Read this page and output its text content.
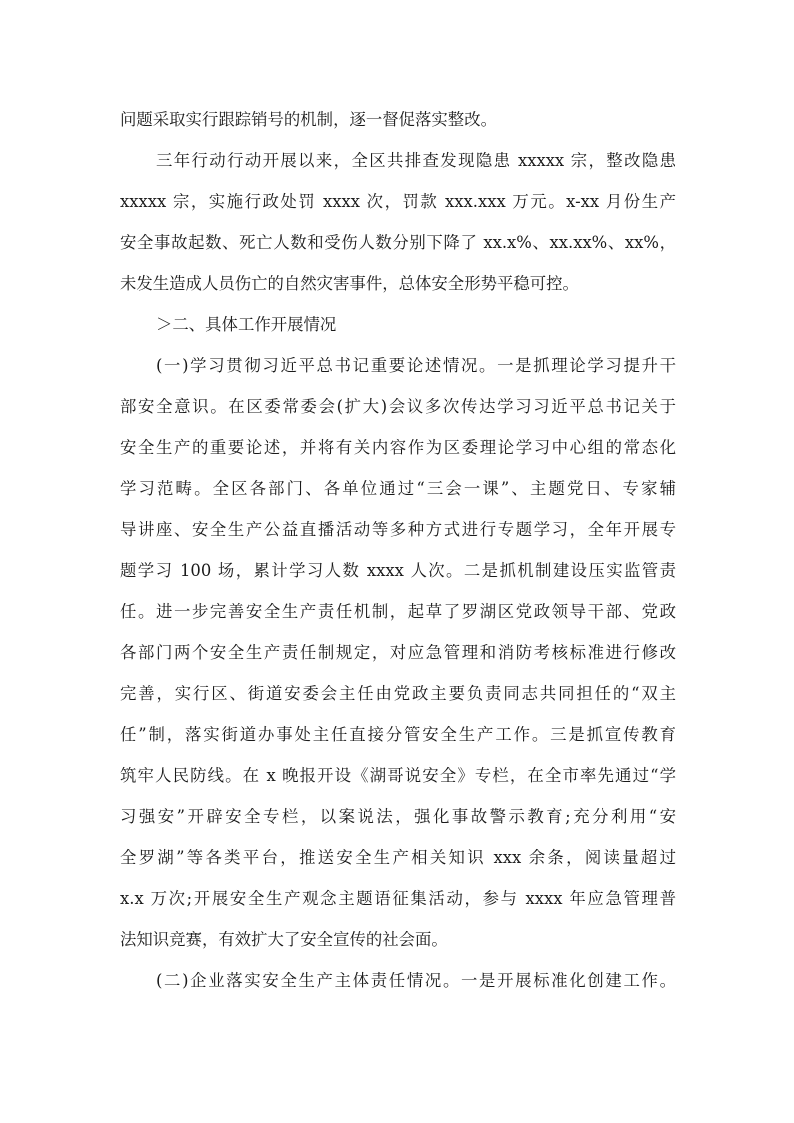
问题采取实行跟踪销号的机制，逐一督促落实整改。
三年行动行动开展以来，全区共排查发现隐患 xxxxx 宗，整改隐患
xxxxx 宗，实施行政处罚 xxxx 次，罚款 xxx.xxx 万元。x-xx 月份生产
安全事故起数、死亡人数和受伤人数分别下降了 xx.x%、xx.xx%、xx%，
未发生造成人员伤亡的自然灾害事件，总体安全形势平稳可控。
＞二、具体工作开展情况
(一)学习贯彻习近平总书记重要论述情况。一是抓理论学习提升干
部安全意识。在区委常委会(扩大)会议多次传达学习习近平总书记关于
安全生产的重要论述，并将有关内容作为区委理论学习中心组的常态化
学习范畴。全区各部门、各单位通过“三会一课”、主题党日、专家辅
导讲座、安全生产公益直播活动等多种方式进行专题学习，全年开展专
题学习 100 场，累计学习人数 xxxx 人次。二是抓机制建设压实监管责
任。进一步完善安全生产责任机制，起草了罗湖区党政领导干部、党政
各部门两个安全生产责任制规定，对应急管理和消防考核标准进行修改
完善，实行区、街道安委会主任由党政主要负责同志共同担任的“双主
任”制，落实街道办事处主任直接分管安全生产工作。三是抓宣传教育
筑牢人民防线。在 x 晚报开设《湖哥说安全》专栏，在全市率先通过“学
习强安”开辟安全专栏，以案说法，强化事故警示教育;充分利用“安
全罗湖”等各类平台，推送安全生产相关知识 xxx 余条，阅读量超过
x.x 万次;开展安全生产观念主题语征集活动，参与 xxxx 年应急管理普
法知识竞赛，有效扩大了安全宣传的社会面。
(二)企业落实安全生产主体责任情况。一是开展标准化创建工作。
